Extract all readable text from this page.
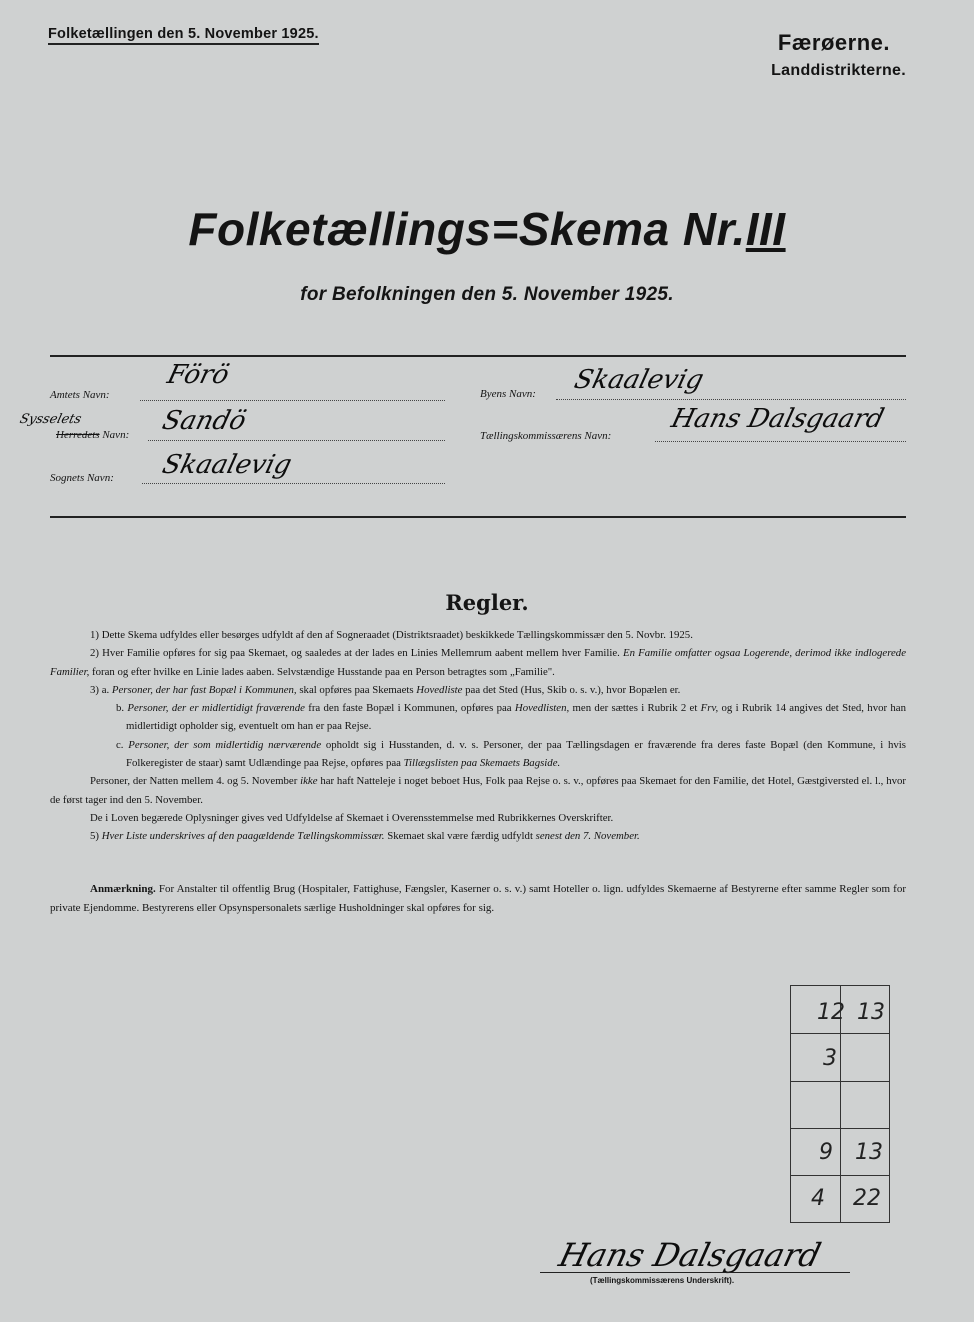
Folketællingen den 5. November 1925.	Færøerne.
Landdistrikterne.
Folketællings=Skema Nr.III
for Befolkningen den 5. November 1925.
Amtets Navn:
Förö
Sysselets
Herredets Navn: Sandö
Sognets Navn: Skaalevig
Byens Navn: Skaalevig
Tællingskommissærens Navn:
Hans Dalsgaard
Regler.

1) Dette Skema udfyldes eller besørges udfyldt af den af Sogneraadet (Distriktsraadet) beskikkede Tællingskommissær den 5. Novbr. 1925.

2) Hver Familie opføres for sig paa Skemaet, og saaledes at der lades en Linies Mellemrum aabent mellem hver Familie. En Familie omfatter ogsaa Logerende, derimod ikke indlogerede Familier, foran og efter hvilke en Linie lades aaben. Selvstændige Husstande paa en Person betragtes som „Familie".

3) a. Personer, der har fast Bopæl i Kommunen, skal opføres paa Skemaets Hovedliste paa det Sted (Hus, Skib o. s. v.), hvor Bopælen er.

b. Personer, der er midlertidigt fraværende fra den faste Bopæl i Kommunen, opføres paa Hovedlisten, men der sættes i Rubrik 2 et Frv, og i Rubrik 14 angives det Sted, hvor han midlertidigt opholder sig, eventuelt om han er paa Rejse.

c. Personer, der som midlertidig nærværende opholdt sig i Husstanden, d. v. s. Personer, der paa Tællingsdagen er fraværende fra deres faste Bopæl (den Kommune, i hvis Folkeregister de staar) samt Udlændinge paa Rejse, opføres paa Tillægslisten paa Skemaets Bagside.

Personer, der Natten mellem 4. og 5. November ikke har haft Natteleje i noget beboet Hus, Folk paa Rejse o. s. v., opføres paa Skemaet for den Familie, det Hotel, Gæstgiversted el. l., hvor de først tager ind den 5. November.

De i Loven begærede Oplysninger gives ved Udfyldelse af Skemaet i Overensstemmelse med Rubrikkernes Overskrifter.

5) Hver Liste underskrives af den paagældende Tællingskommissær. Skemaet skal være færdig udfyldt senest den 7. November.

Anmærkning. For Anstalter til offentlig Brug (Hospitaler, Fattighuse, Fængsler, Kaserner o. s. v.) samt Hoteller o. lign. udfyldes Skemaerne af Bestyrerne efter samme Regler som for private Ejendomme. Bestyrerens eller Opsynspersonalets særlige Husholdninger skal opføres for sig.
12 13
3
9 13
4 22
Hans Dalsgaard
(Tællingskommissærens Underskrift).
